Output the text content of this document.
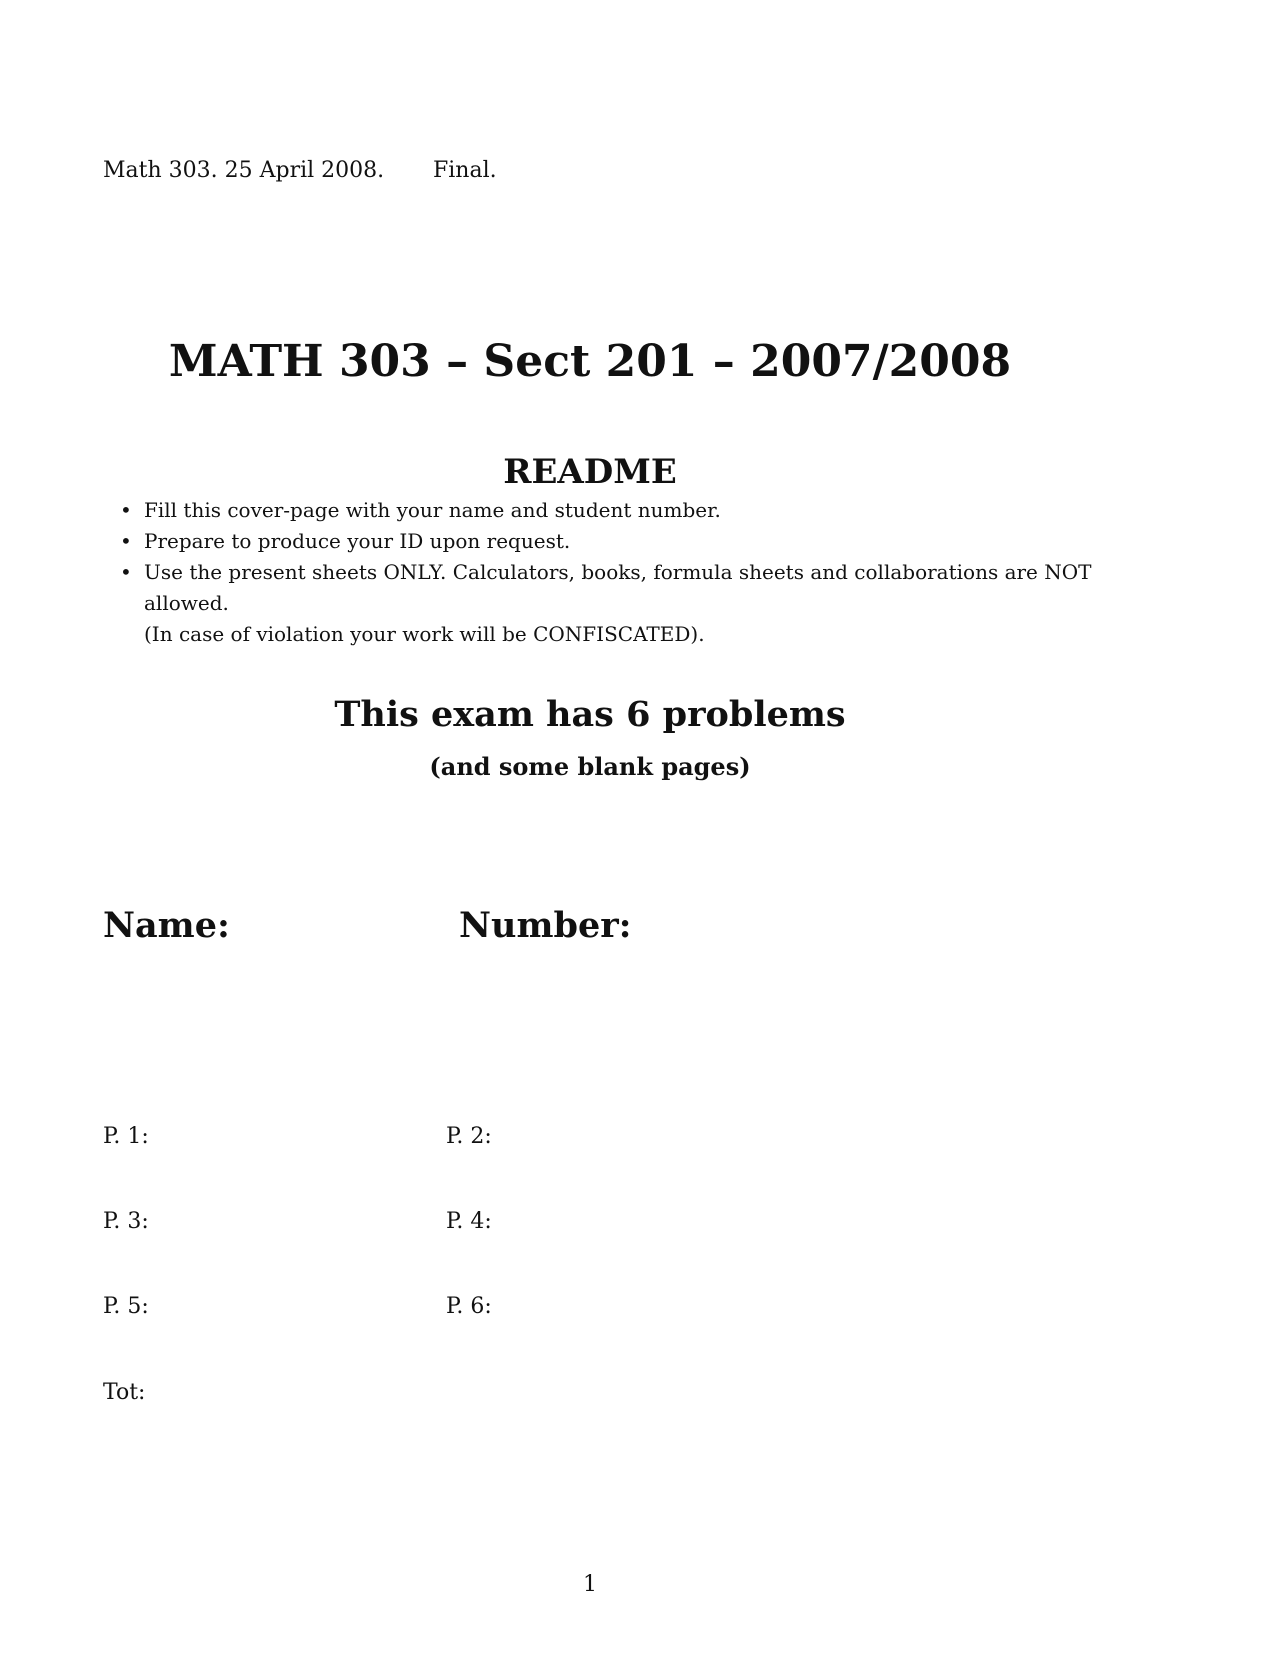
Math 303. 25 April 2008. Final.
MATH 303 – Sect 201 – 2007/2008
README
• Fill this cover-page with your name and student number.
• Prepare to produce your ID upon request.
• Use the present sheets ONLY. Calculators, books, formula sheets and collaborations are NOT allowed.
(In case of violation your work will be CONFISCATED).
This exam has 6 problems
(and some blank pages)
Name:	Number:
P. 1:	P. 2:
P. 3:	P. 4:
P. 5:	P. 6:
Tot:
1
